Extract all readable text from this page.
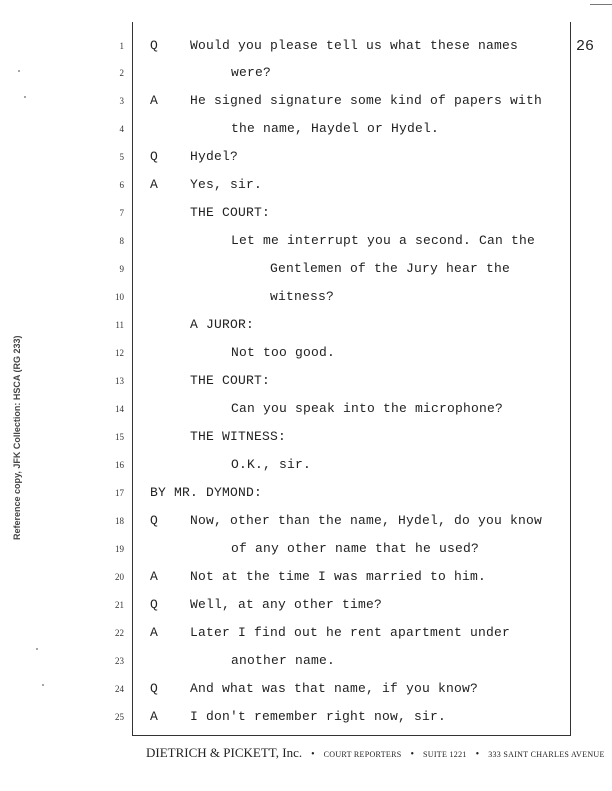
26
Reference copy, JFK Collection: HSCA (RG 233)
1 Q Would you please tell us what these names
2	were?
3 A He signed signature some kind of papers with
4	the name, Haydel or Hydel.
5 Q Hydel?
6 A Yes, sir.
7	THE COURT:
8	Let me interrupt you a second. Can the
9	Gentlemen of the Jury hear the
10	witness?
11	A JUROR:
12	Not too good.
13	THE COURT:
14	Can you speak into the microphone?
15	THE WITNESS:
16	O.K., sir.
17 BY MR. DYMOND:
18 Q Now, other than the name, Hydel, do you know
19	of any other name that he used?
20 A Not at the time I was married to him.
21 Q Well, at any other time?
22 A Later I find out he rent apartment under
23	another name.
24 Q And what was that name, if you know?
25 A I don't remember right now, sir.
DIETRICH & PICKETT, Inc. • COURT REPORTERS • SUITE 1221 • 333 SAINT CHARLES AVENUE
